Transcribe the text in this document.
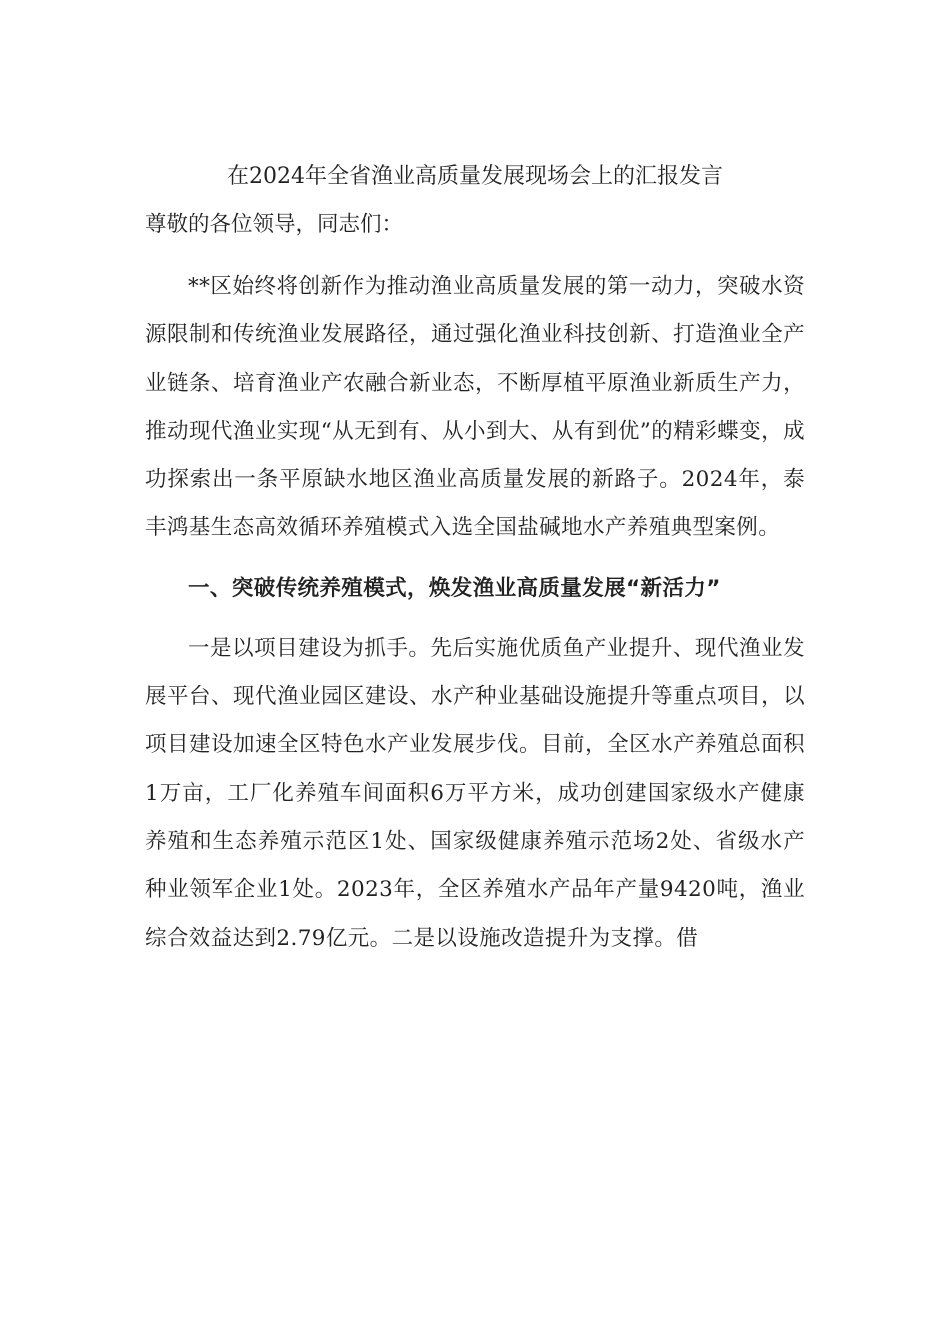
在2024年全省渔业高质量发展现场会上的汇报发言

尊敬的各位领导，同志们：

**区始终将创新作为推动渔业高质量发展的第一动力，突破水资源限制和传统渔业发展路径，通过强化渔业科技创新、打造渔业全产业链条、培育渔业产农融合新业态，不断厚植平原渔业新质生产力，推动现代渔业实现“从无到有、从小到大、从有到优”的精彩蝶变，成功探索出一条平原缺水地区渔业高质量发展的新路子。2024年，泰丰鸿基生态高效循环养殖模式入选全国盐碱地水产养殖典型案例。

一、突破传统养殖模式，焕发渔业高质量发展“新活力”

一是以项目建设为抓手。先后实施优质鱼产业提升、现代渔业发展平台、现代渔业园区建设、水产种业基础设施提升等重点项目，以项目建设加速全区特色水产业发展步伐。目前，全区水产养殖总面积1万亩，工厂化养殖车间面积6万平方米，成功创建国家级水产健康养殖和生态养殖示范区1处、国家级健康养殖示范场2处、省级水产种业领军企业1处。2023年，全区养殖水产品年产量9420吨，渔业综合效益达到2.79亿元。二是以设施改造提升为支撑。借
